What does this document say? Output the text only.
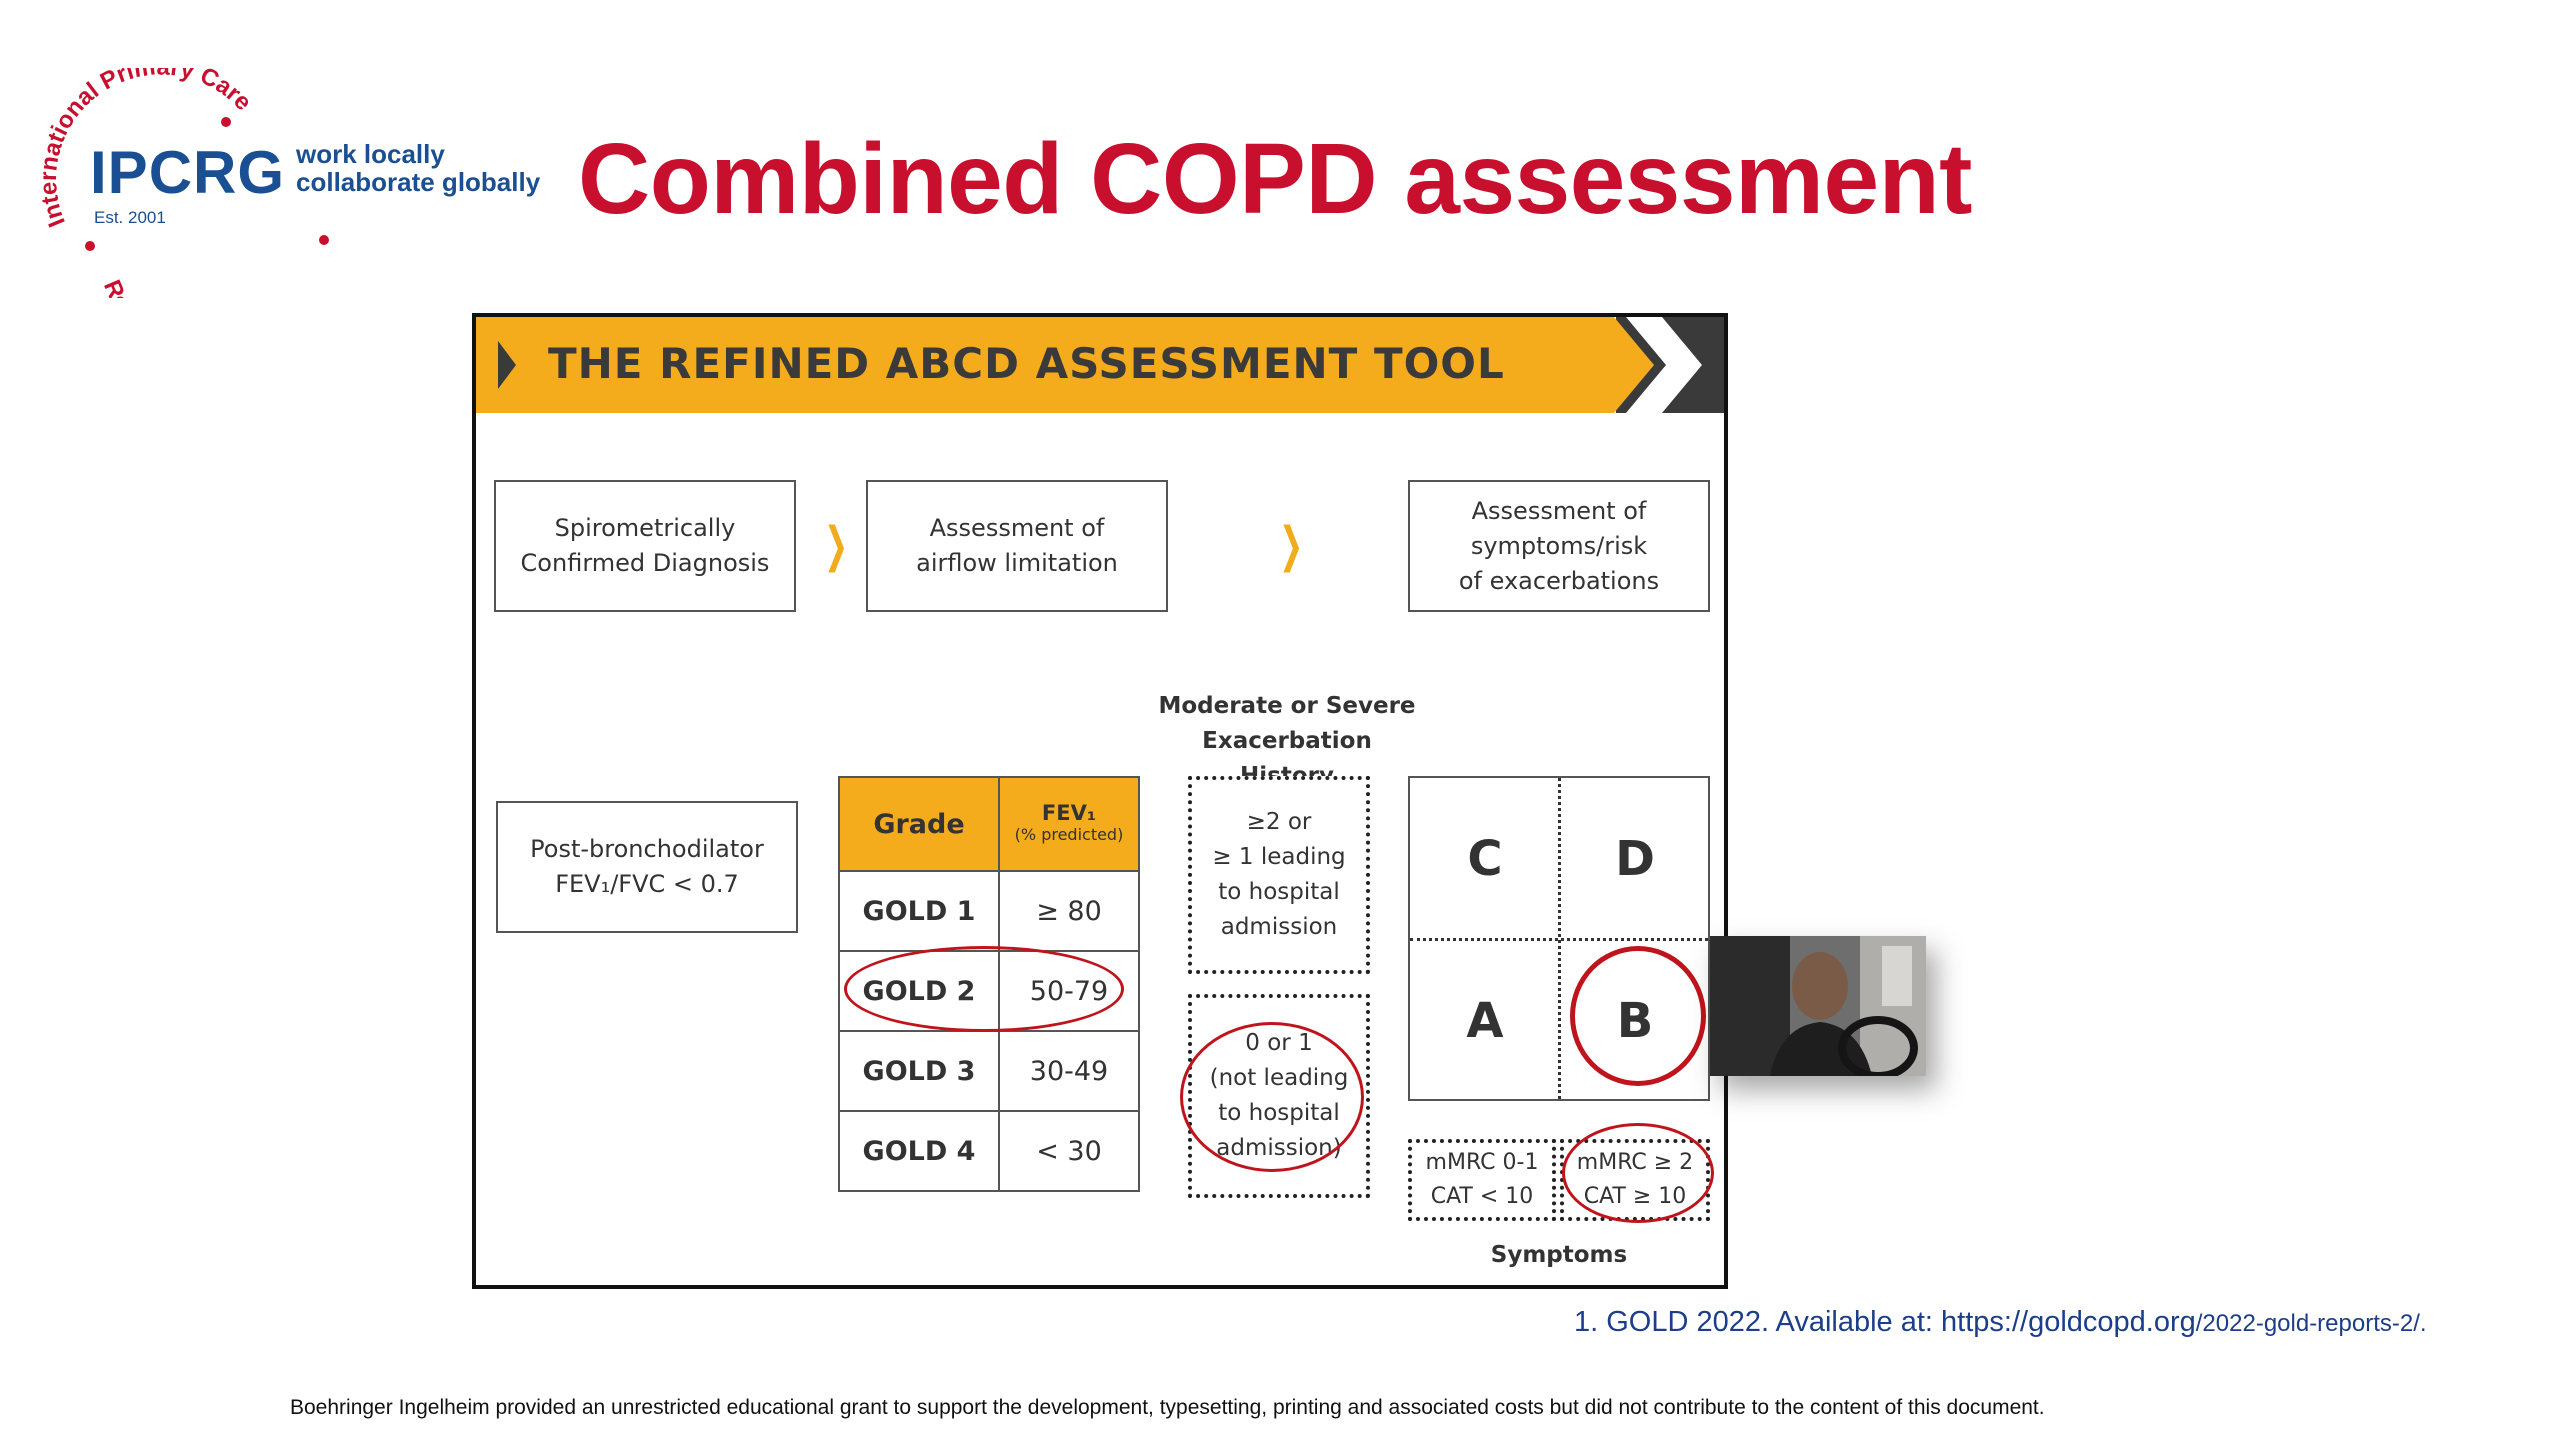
Int national Prim y Care
R
IPCRG
Est. 2001
work locally
collaborate globally Combined COPD assessment
THE REFINED ABCD ASSESSMENT TOOL
Spirometrically
Confirmed Diagnosis ❯	Assessment of
airflow limitation	❯
Assessment of
symptoms/risk
of exacerbations
Post-bronchodilator
FEV₁/FVC < 0.7
Grade	FEV₁
(% predicted)

GOLD 1	≥ 80
GOLD 2	50-79
GOLD 3	30-49
GOLD 4	< 30
Moderate or Severe
Exacerbation
≥2 or
≥ 1 leading
to hospital
admission
0 or 1
(not leading
to hospital
admission)
C	D
A	B
mMRC 0-1
CAT < 10
mMRC ≥ 2
CAT ≥ 10
Symptoms
1. GOLD 2022. Available at: https://goldcopd.org/2022-gold-reports-2/.
Boehringer Ingelheim provided an unrestricted educational grant to support the development, typesetting, printing and associated costs but did not contribute to the content of this document.
